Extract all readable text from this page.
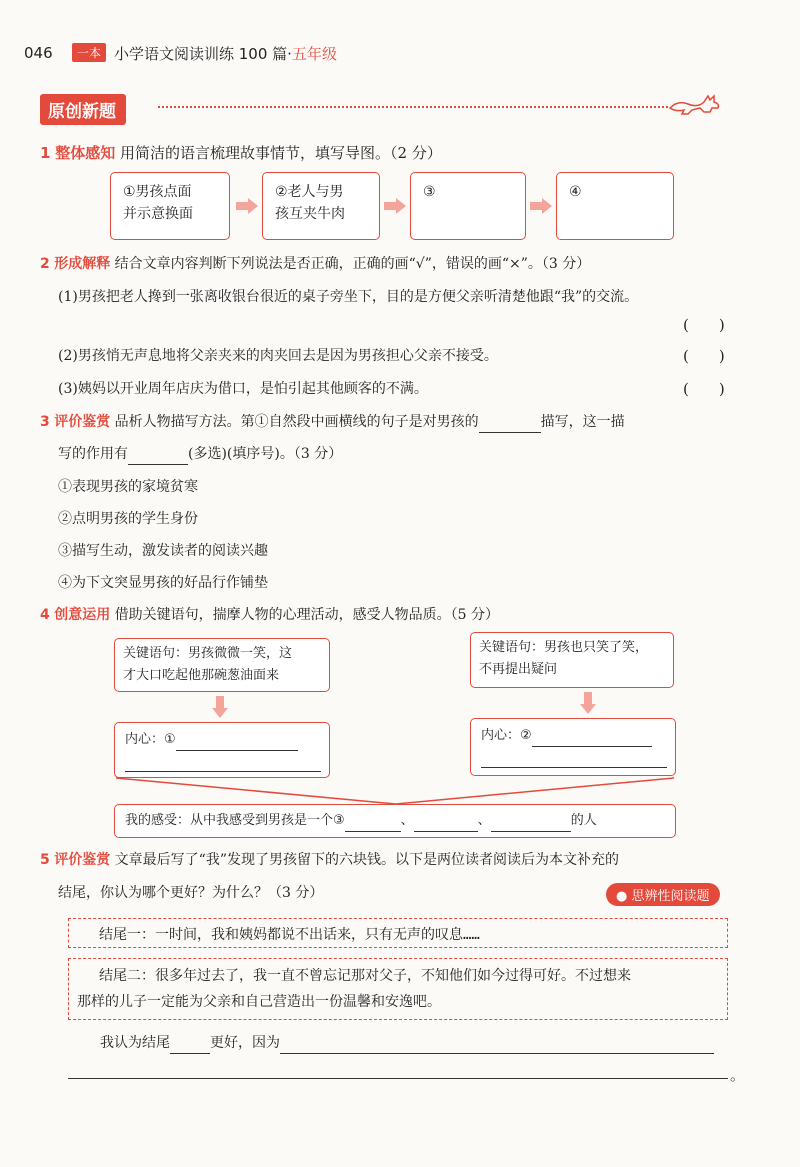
046	一本 小学语文阅读训练 100 篇·五年级
原创新题
1 整体感知 用简洁的语言梳理故事情节，填写导图。（2 分）
①男孩点面
并示意换面
②老人与男
孩互夹牛肉
③	④
2 形成解释 结合文章内容判断下列说法是否正确，正确的画“√”，错误的画“×”。（3 分）
(1)男孩把老人搀到一张离收银台很近的桌子旁坐下，目的是方便父亲听清楚他跟“我”的交流。
(　　)
(2)男孩悄无声息地将父亲夹来的肉夹回去是因为男孩担心父亲不接受。	(　　)
(3)姨妈以开业周年店庆为借口，是怕引起其他顾客的不满。	(　　)
3 评价鉴赏 品析人物描写方法。第①自然段中画横线的句子是对男孩的	描写，这一描
写的作用有	(多选)(填序号)。（3 分）
①表现男孩的家境贫寒
②点明男孩的学生身份
③描写生动，激发读者的阅读兴趣
④为下文突显男孩的好品行作铺垫
4 创意运用 借助关键语句，揣摩人物的心理活动，感受人物品质。（5 分）
关键语句：男孩微微一笑，这
才大口吃起他那碗葱油面来
内心：①
关键语句：男孩也只笑了笑，
不再提出疑问
内心：②
我的感受：从中我感受到男孩是一个③	、	、	的人
5 评价鉴赏 文章最后写了“我”发现了男孩留下的六块钱。以下是两位读者阅读后为本文补充的
结尾，你认为哪个更好？为什么？（3 分）	● 思辨性阅读题
结尾一：一时间，我和姨妈都说不出话来，只有无声的叹息……
结尾二：很多年过去了，我一直不曾忘记那对父子，不知他们如今过得可好。不过想来
那样的儿子一定能为父亲和自己营造出一份温馨和安逸吧。
我认为结尾	更好，因为
。
